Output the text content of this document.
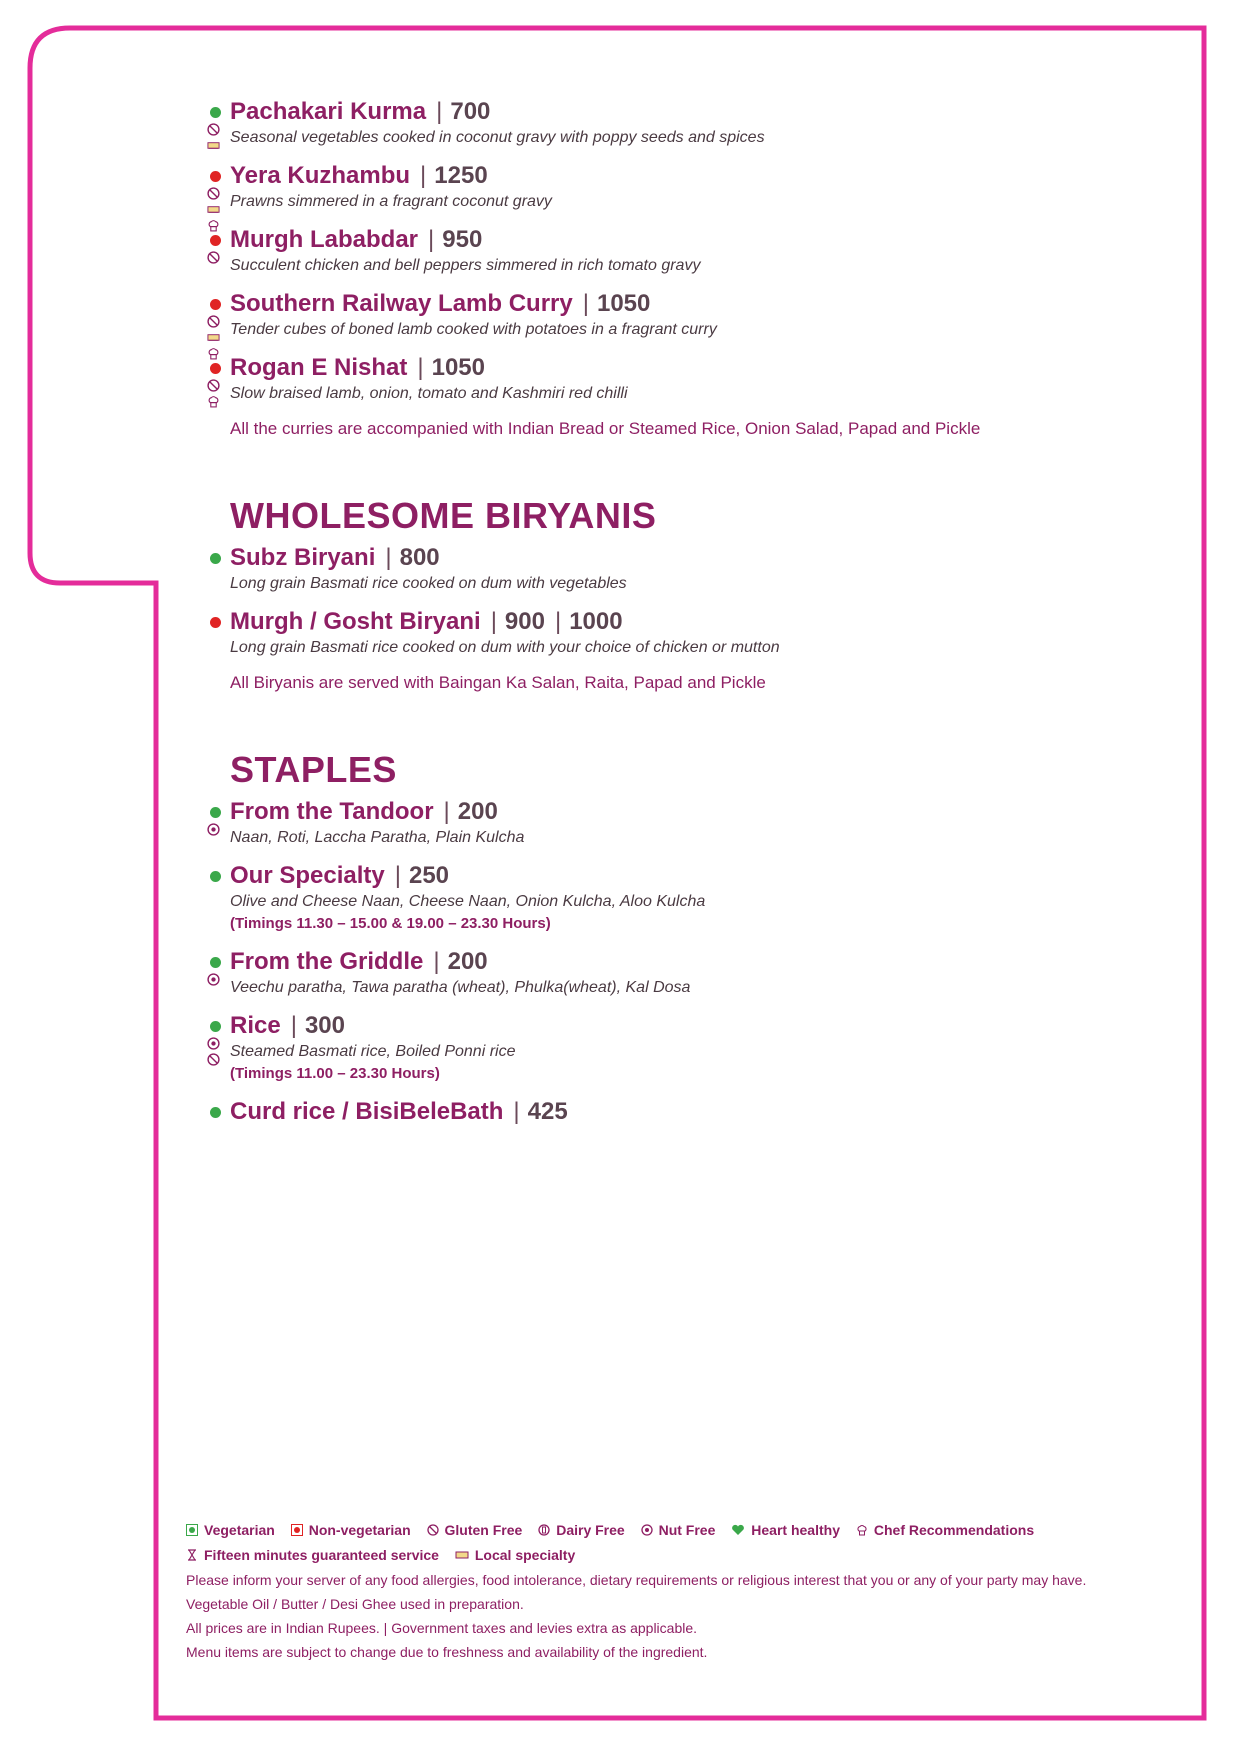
Pachakari Kurma | 700
Seasonal vegetables cooked in coconut gravy with poppy seeds and spices
Yera Kuzhambu | 1250
Prawns simmered in a fragrant coconut gravy
Murgh Lababdar | 950
Succulent chicken and bell peppers simmered in rich tomato gravy
Southern Railway Lamb Curry | 1050
Tender cubes of boned lamb cooked with potatoes in a fragrant curry
Rogan E Nishat | 1050
Slow braised lamb, onion, tomato and Kashmiri red chilli

All the curries are accompanied with Indian Bread or Steamed Rice, Onion Salad, Papad and Pickle

WHOLESOME BIRYANIS
Subz Biryani | 800
Long grain Basmati rice cooked on dum with vegetables
Murgh / Gosht Biryani | 900 | 1000
Long grain Basmati rice cooked on dum with your choice of chicken or mutton

All Biryanis are served with Baingan Ka Salan, Raita, Papad and Pickle

STAPLES
From the Tandoor | 200
Naan, Roti, Laccha Paratha, Plain Kulcha
Our Specialty | 250
Olive and Cheese Naan, Cheese Naan, Onion Kulcha, Aloo Kulcha
(Timings 11.30 – 15.00 & 19.00 – 23.30 Hours)
From the Griddle | 200
Veechu paratha, Tawa paratha (wheat), Phulka(wheat), Kal Dosa
Rice | 300
Steamed Basmati rice, Boiled Ponni rice
(Timings 11.00 – 23.30 Hours)
Curd rice / BisiBeleBath | 425
Vegetarian
Non-vegetarian
Gluten Free
Dairy Free
Nut Free
	Heart healthy
Chef Recommendations
Fifteen minutes guaranteed service
	Local specialty
Please inform your server of any food allergies, food intolerance, dietary requirements or religious interest that you or any of your party may have.
Vegetable Oil / Butter / Desi Ghee used in preparation.
All prices are in Indian Rupees. | Government taxes and levies extra as applicable.
Menu items are subject to change due to freshness and availability of the ingredient.
